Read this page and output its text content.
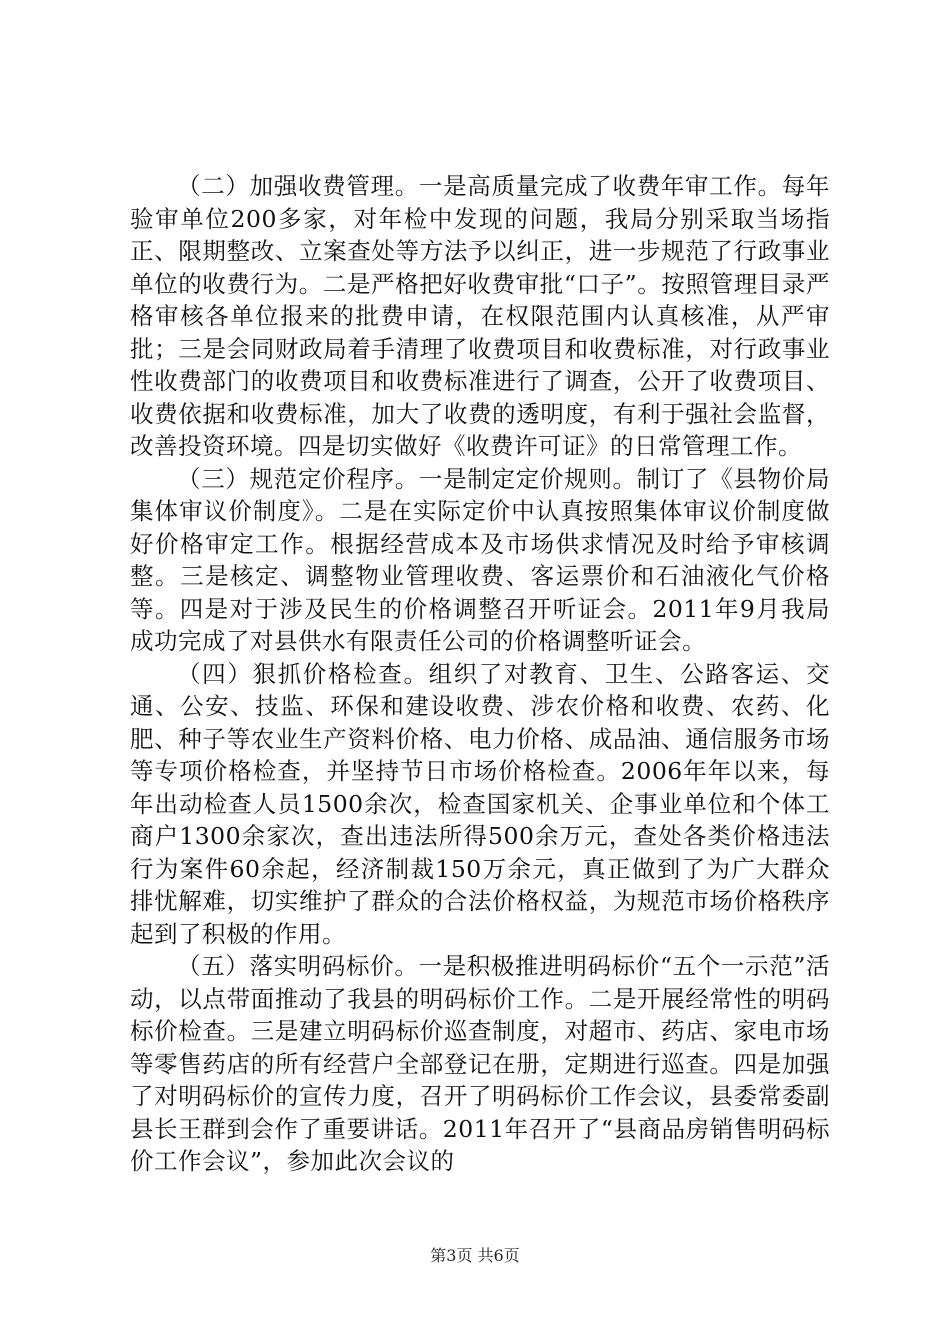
（二）加强收费管理。一是高质量完成了收费年审工作。每年验审单位200多家，对年检中发现的问题，我局分别采取当场指正、限期整改、立案查处等方法予以纠正，进一步规范了行政事业单位的收费行为。二是严格把好收费审批“口子”。按照管理目录严格审核各单位报来的批费申请，在权限范围内认真核准，从严审批；三是会同财政局着手清理了收费项目和收费标准，对行政事业性收费部门的收费项目和收费标准进行了调查，公开了收费项目、收费依据和收费标准，加大了收费的透明度，有利于强社会监督，改善投资环境。四是切实做好《收费许可证》的日常管理工作。

（三）规范定价程序。一是制定定价规则。制订了《县物价局集体审议价制度》。二是在实际定价中认真按照集体审议价制度做好价格审定工作。根据经营成本及市场供求情况及时给予审核调整。三是核定、调整物业管理收费、客运票价和石油液化气价格等。四是对于涉及民生的价格调整召开听证会。2011年9月我局成功完成了对县供水有限责任公司的价格调整听证会。

（四）狠抓价格检查。组织了对教育、卫生、公路客运、交通、公安、技监、环保和建设收费、涉农价格和收费、农药、化肥、种子等农业生产资料价格、电力价格、成品油、通信服务市场等专项价格检查，并坚持节日市场价格检查。2006年年以来，每年出动检查人员1500余次，检查国家机关、企事业单位和个体工商户1300余家次，查出违法所得500余万元，查处各类价格违法行为案件60余起，经济制裁150万余元，真正做到了为广大群众排忧解难，切实维护了群众的合法价格权益，为规范市场价格秩序起到了积极的作用。

（五）落实明码标价。一是积极推进明码标价“五个一示范”活动，以点带面推动了我县的明码标价工作。二是开展经常性的明码标价检查。三是建立明码标价巡查制度，对超市、药店、家电市场等零售药店的所有经营户全部登记在册，定期进行巡查。四是加强了对明码标价的宣传力度，召开了明码标价工作会议，县委常委副县长王群到会作了重要讲话。2011年召开了“县商品房销售明码标价工作会议”，参加此次会议的

第3页 共6页
